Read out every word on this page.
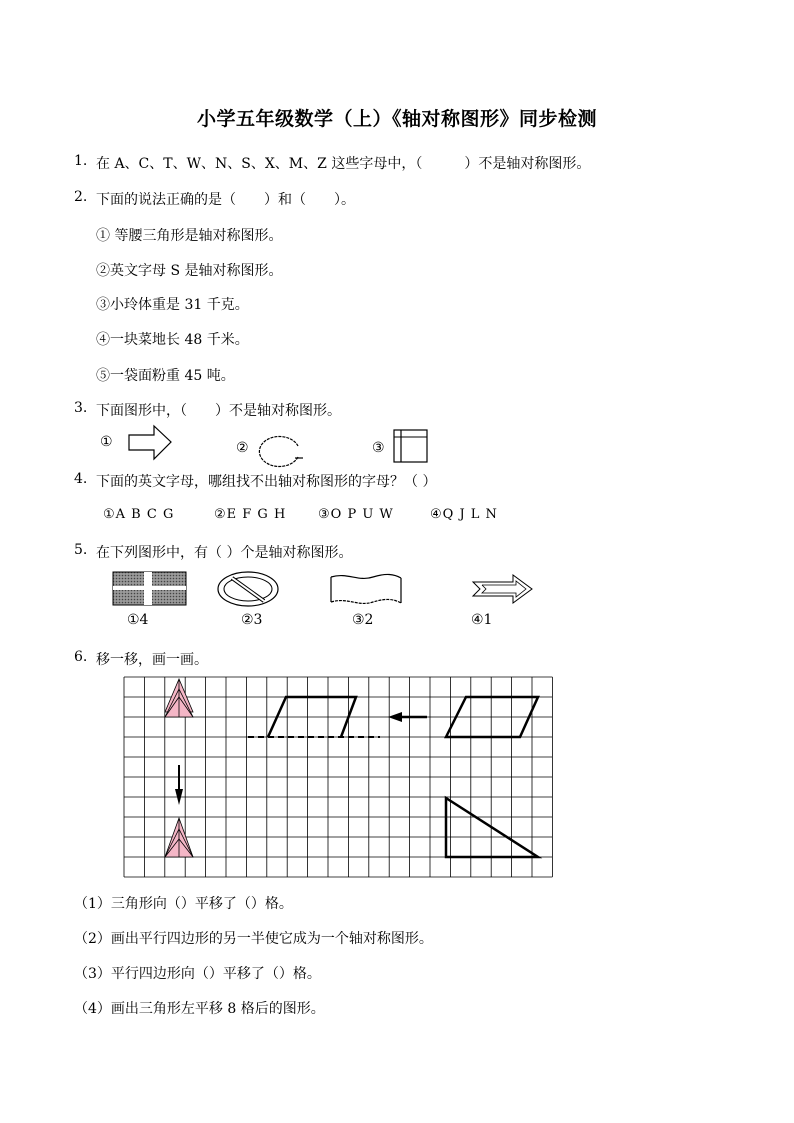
小学五年级数学（上）《轴对称图形》同步检测
1. 在 A、C、T、W、N、S、X、M、Z 这些字母中，（　　　）不是轴对称图形。
2. 下面的说法正确的是（　　）和（　　）。
① 等腰三角形是轴对称图形。
②英文字母 S 是轴对称图形。
③小玲体重是 31 千克。
④一块菜地长 48 千米。
⑤一袋面粉重 45 吨。
3. 下面图形中，（　　）不是轴对称图形。
①	②	③
4. 下面的英文字母，哪组找不出轴对称图形的字母？（ ）
①A B C G	②E F G H ③O P U W	④Q J L N
5. 在下列图形中，有（ ）个是轴对称图形。
①4	②3	③2	④1
6. 移一移，画一画。
（1）三角形向（）平移了（）格。
（2）画出平行四边形的另一半使它成为一个轴对称图形。
（3）平行四边形向（）平移了（）格。
（4）画出三角形左平移 8 格后的图形。
